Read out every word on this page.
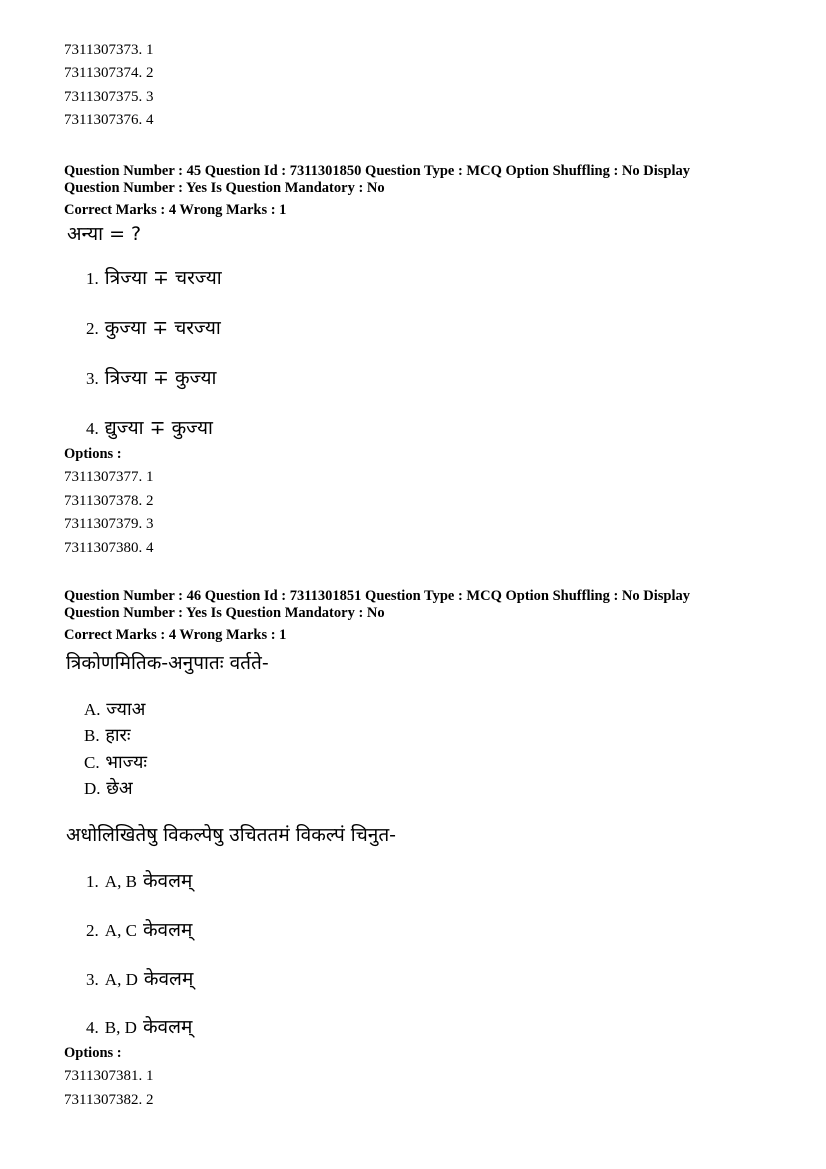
7311307373. 1
7311307374. 2
7311307375. 3
7311307376. 4
Question Number : 45 Question Id : 7311301850 Question Type : MCQ Option Shuffling : No Display
Question Number : Yes Is Question Mandatory : No
Correct Marks : 4 Wrong Marks : 1
अन्या = ?
1. त्रिज्या ∓ चरज्या
2. कुज्या ∓ चरज्या
3. त्रिज्या ∓ कुज्या
4. द्युज्या ∓ कुज्या
Options :
7311307377. 1
7311307378. 2
7311307379. 3
7311307380. 4
Question Number : 46 Question Id : 7311301851 Question Type : MCQ Option Shuffling : No Display
Question Number : Yes Is Question Mandatory : No
Correct Marks : 4 Wrong Marks : 1
त्रिकोणमितिक-अनुपातः वर्तते-
A. ज्याअ
B. हारः
C. भाज्यः
D. छेअ
अधोलिखितेषु विकल्पेषु उचिततमं विकल्पं चिनुत-
1. A, B केवलम्
2. A, C केवलम्
3. A, D केवलम्
4. B, D केवलम्
Options :
7311307381. 1
7311307382. 2
